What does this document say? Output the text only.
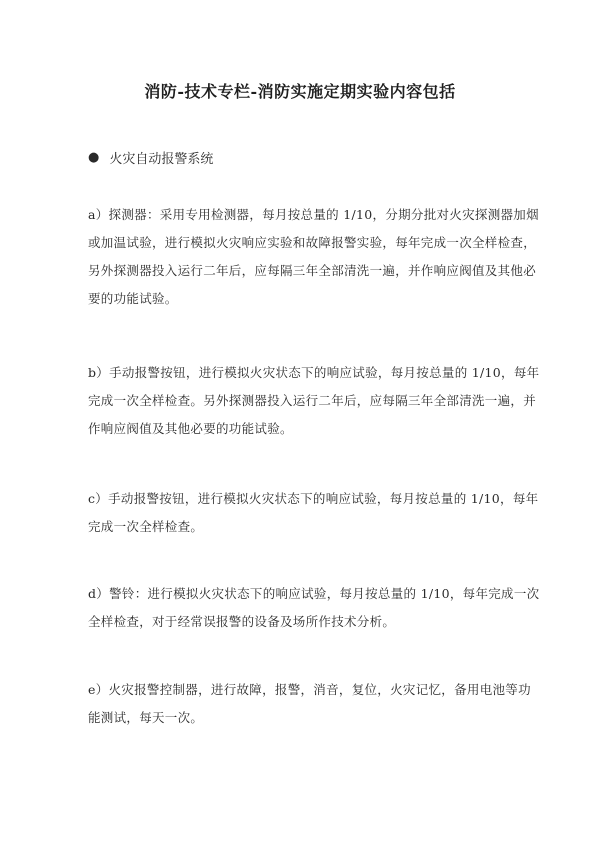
消防-技术专栏-消防实施定期实验内容包括
● 火灾自动报警系统

a）探测器：采用专用检测器，每月按总量的 1/10，分期分批对火灾探测器加烟
或加温试验，进行模拟火灾响应实验和故障报警实验，每年完成一次全样检查，
另外探测器投入运行二年后，应每隔三年全部清洗一遍，并作响应阀值及其他必
要的功能试验。

b）手动报警按钮，进行模拟火灾状态下的响应试验，每月按总量的 1/10，每年
完成一次全样检查。另外探测器投入运行二年后，应每隔三年全部清洗一遍，并
作响应阀值及其他必要的功能试验。

c）手动报警按钮，进行模拟火灾状态下的响应试验，每月按总量的 1/10，每年
完成一次全样检查。

d）警铃：进行模拟火灾状态下的响应试验，每月按总量的 1/10，每年完成一次
全样检查，对于经常误报警的设备及场所作技术分析。

e）火灾报警控制器，进行故障，报警，消音，复位，火灾记忆，备用电池等功
能测试，每天一次。
